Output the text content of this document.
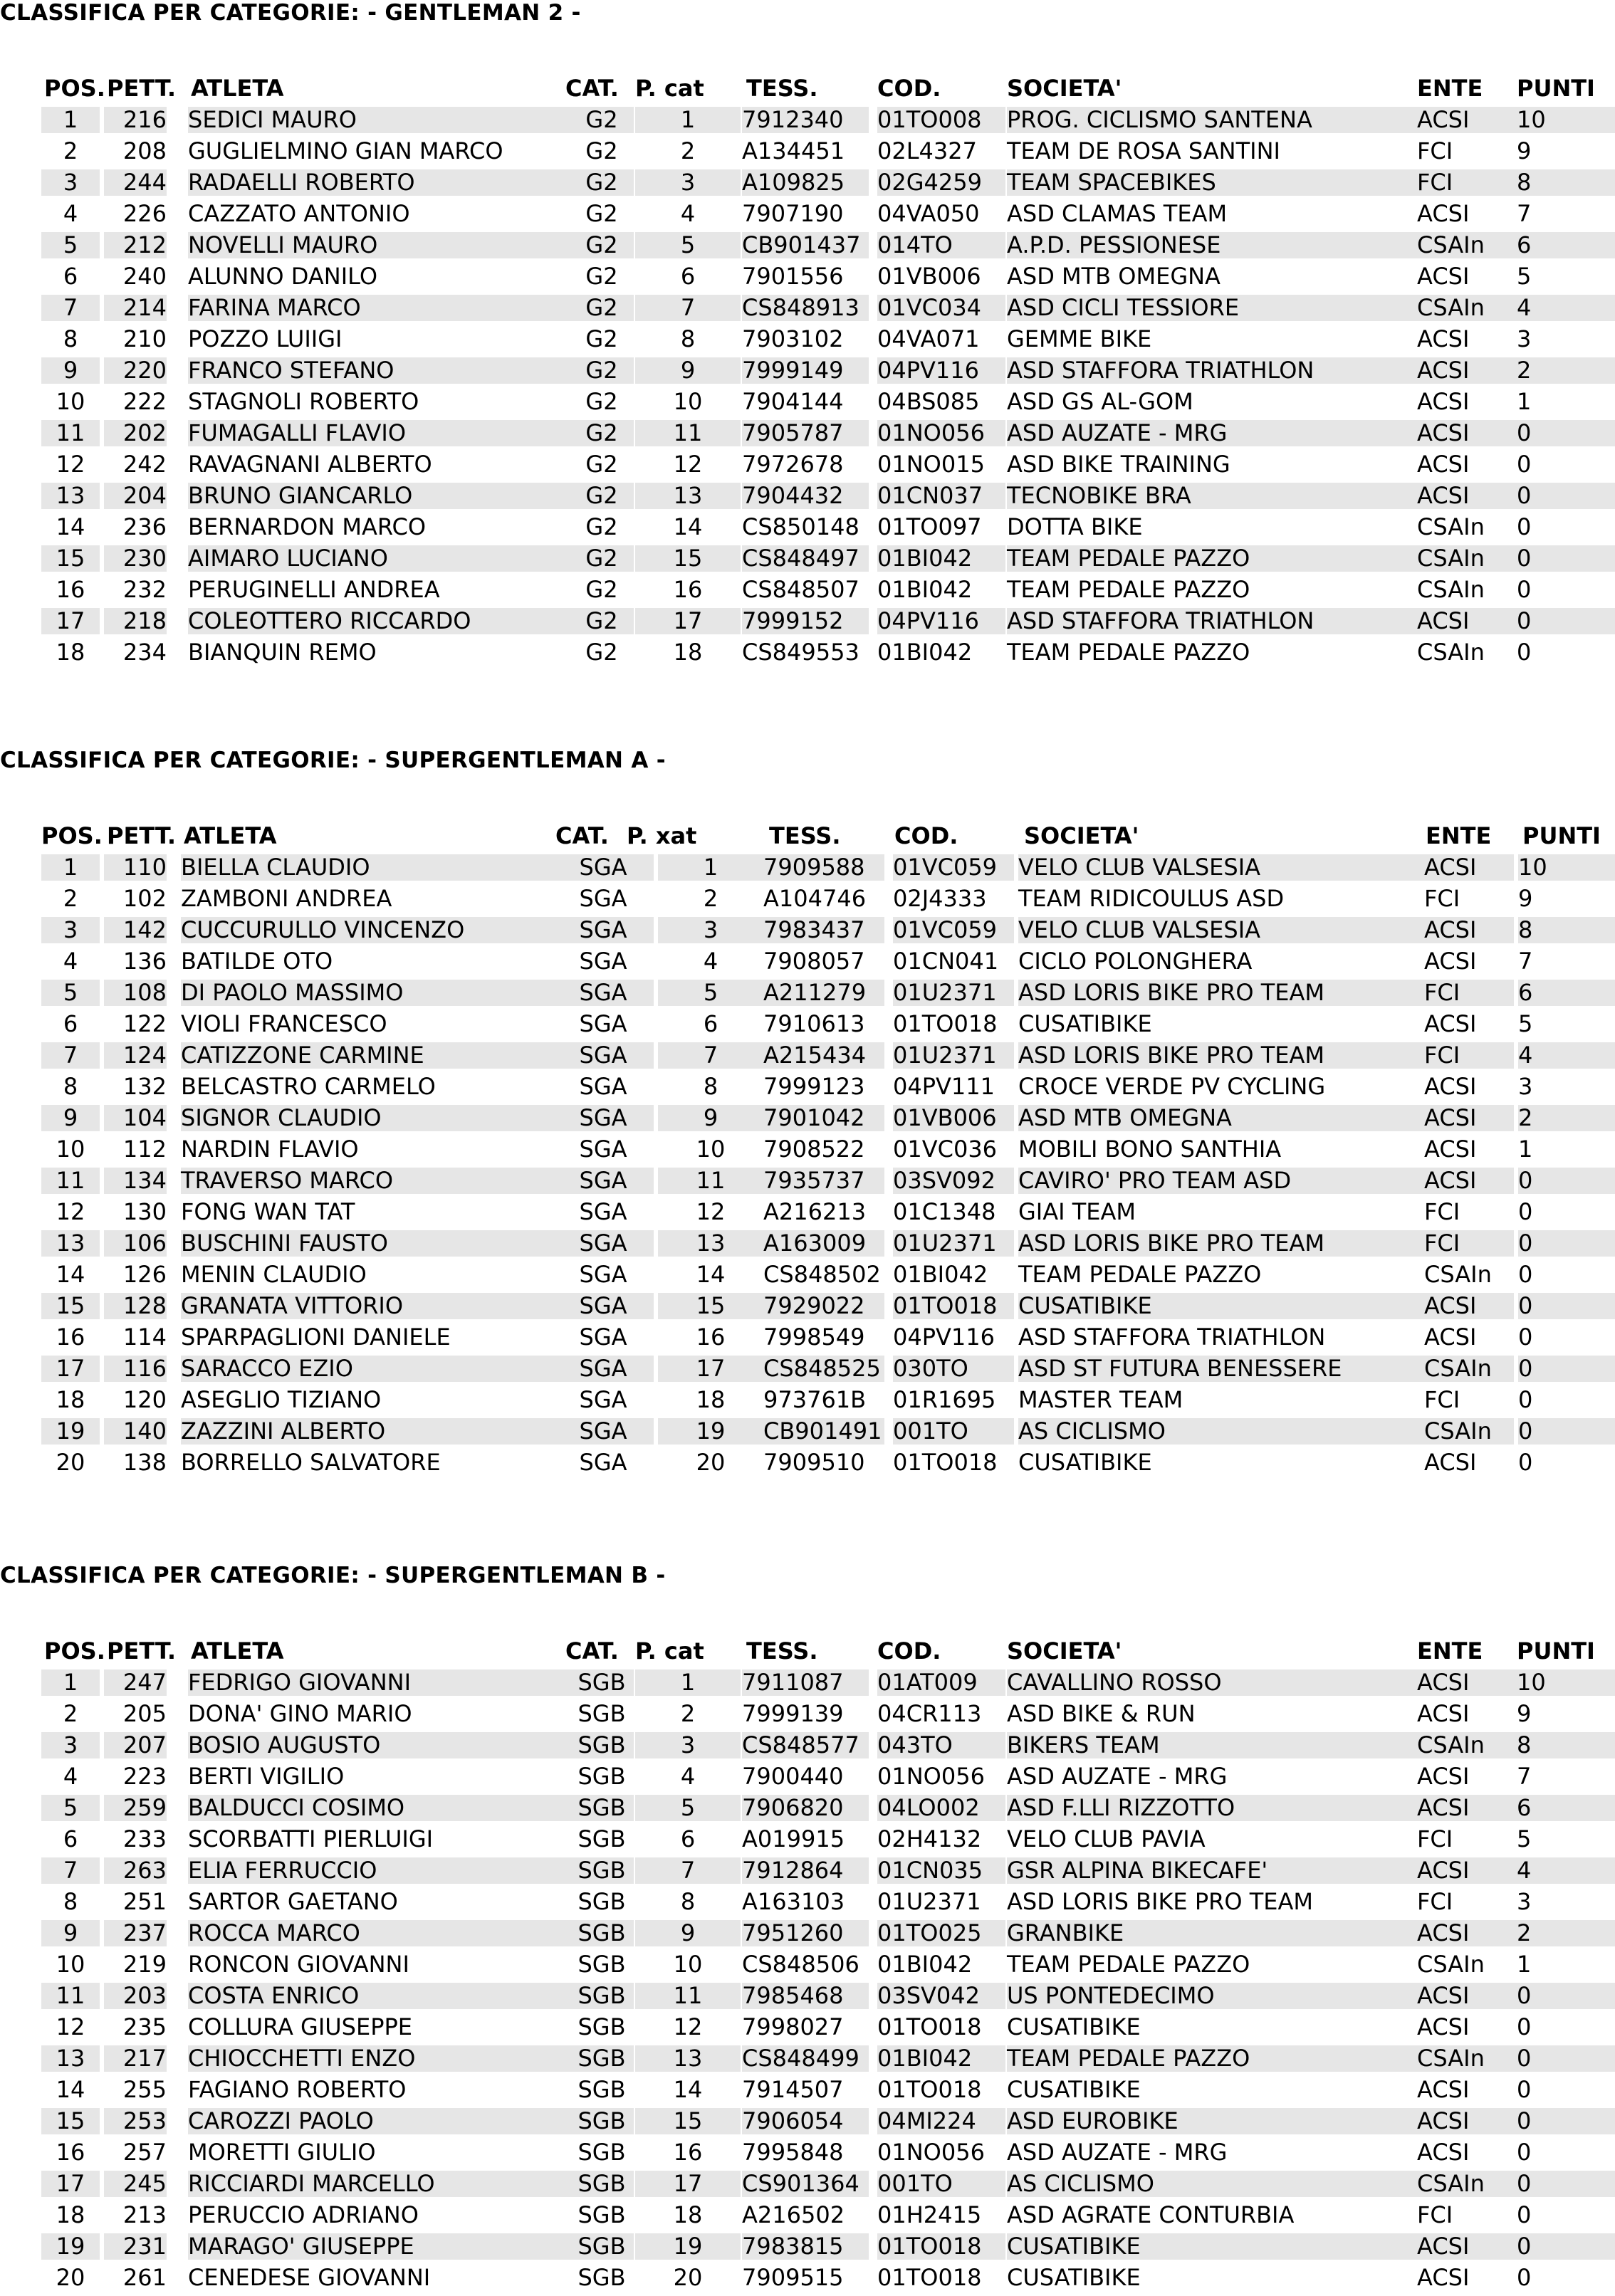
CLASSIFICA PER CATEGORIE: - GENTLEMAN 2 -
POS. PETT. ATLETA	CAT. P. cat TESS.	COD.	SOCIETA'	ENTE PUNTI
1	216 SEDICI MAURO	G2	1	7912340	01TO008	PROG. CICLISMO SANTENA	ACSI	10
2	208 GUGLIELMINO GIAN MARCO	G2	2	A134451	02L4327	TEAM DE ROSA SANTINI	FCI	9
3	244 RADAELLI ROBERTO	G2	3	A109825	02G4259	TEAM SPACEBIKES	FCI	8
4	226 CAZZATO ANTONIO	G2	4	7907190	04VA050	ASD CLAMAS TEAM	ACSI	7
5	212 NOVELLI MAURO	G2	5	CB901437 014TO	A.P.D. PESSIONESE	CSAIn	6
6	240 ALUNNO DANILO	G2	6	7901556	01VB006	ASD MTB OMEGNA	ACSI	5
7	214 FARINA MARCO	G2	7	CS848913 01VC034	ASD CICLI TESSIORE	CSAIn	4
8	210 POZZO LUIIGI	G2	8	7903102	04VA071	GEMME BIKE	ACSI	3
9	220 FRANCO STEFANO	G2	9	7999149	04PV116	ASD STAFFORA TRIATHLON	ACSI	2
10	222 STAGNOLI ROBERTO	G2	10	7904144	04BS085	ASD GS AL-GOM	ACSI	1
11	202 FUMAGALLI FLAVIO	G2	11	7905787	01NO056 ASD AUZATE - MRG	ACSI	0
12	242 RAVAGNANI ALBERTO	G2	12	7972678	01NO015 ASD BIKE TRAINING	ACSI	0
13	204 BRUNO GIANCARLO	G2	13	7904432	01CN037	TECNOBIKE BRA	ACSI	0
14	236 BERNARDON MARCO	G2	14	CS850148 01TO097	DOTTA BIKE	CSAIn	0
15	230 AIMARO LUCIANO	G2	15	CS848497 01BI042	TEAM PEDALE PAZZO	CSAIn	0
16	232 PERUGINELLI ANDREA	G2	16	CS848507 01BI042	TEAM PEDALE PAZZO	CSAIn	0
17	218 COLEOTTERO RICCARDO	G2	17	7999152	04PV116	ASD STAFFORA TRIATHLON	ACSI	0
18	234 BIANQUIN REMO	G2	18	CS849553 01BI042	TEAM PEDALE PAZZO	CSAIn	0
CLASSIFICA PER CATEGORIE: - SUPERGENTLEMAN A -
POS. PETT. ATLETA	CAT. P. xat	TESS. COD.	SOCIETA'	ENTE PUNTI
1	110 BIELLA CLAUDIO	SGA	1	7909588	01VC059 VELO CLUB VALSESIA	ACSI	10
2	102 ZAMBONI ANDREA	SGA	2	A104746	02J4333	TEAM RIDICOULUS ASD	FCI	9
3	142 CUCCURULLO VINCENZO	SGA	3	7983437	01VC059 VELO CLUB VALSESIA	ACSI	8
4	136 BATILDE OTO	SGA	4	7908057	01CN041 CICLO POLONGHERA	ACSI	7
5	108 DI PAOLO MASSIMO	SGA	5	A211279	01U2371 ASD LORIS BIKE PRO TEAM	FCI	6
6	122 VIOLI FRANCESCO	SGA	6	7910613	01TO018 CUSATIBIKE	ACSI	5
7	124 CATIZZONE CARMINE	SGA	7	A215434	01U2371 ASD LORIS BIKE PRO TEAM	FCI	4
8	132 BELCASTRO CARMELO	SGA	8	7999123	04PV111	CROCE VERDE PV CYCLING	ACSI	3
9	104 SIGNOR CLAUDIO	SGA	9	7901042	01VB006 ASD MTB OMEGNA	ACSI	2
10	112 NARDIN FLAVIO	SGA	10	7908522	01VC036 MOBILI BONO SANTHIA	ACSI	1
11	134 TRAVERSO MARCO	SGA	11	7935737	03SV092	CAVIRO' PRO TEAM ASD	ACSI	0
12	130 FONG WAN TAT	SGA	12	A216213	01C1348 GIAI TEAM	FCI	0
13	106 BUSCHINI FAUSTO	SGA	13	A163009	01U2371 ASD LORIS BIKE PRO TEAM	FCI	0
14	126 MENIN CLAUDIO	SGA	14	CS848502 01BI042	TEAM PEDALE PAZZO	CSAIn	0
15	128 GRANATA VITTORIO	SGA	15	7929022	01TO018 CUSATIBIKE	ACSI	0
16	114 SPARPAGLIONI DANIELE	SGA	16	7998549	04PV116	ASD STAFFORA TRIATHLON	ACSI	0
17	116 SARACCO EZIO	SGA	17	CS848525 030TO	ASD ST FUTURA BENESSERE	CSAIn	0
18	120 ASEGLIO TIZIANO	SGA	18	973761B	01R1695 MASTER TEAM	FCI	0
19	140 ZAZZINI ALBERTO	SGA	19	CB901491 001TO	AS CICLISMO	CSAIn	0
20	138 BORRELLO SALVATORE	SGA	20	7909510	01TO018 CUSATIBIKE	ACSI	0
CLASSIFICA PER CATEGORIE: - SUPERGENTLEMAN B -
POS. PETT. ATLETA	CAT. P. cat TESS.	COD.	SOCIETA'	ENTE PUNTI
1	247 FEDRIGO GIOVANNI	SGB	1	7911087	01AT009	CAVALLINO ROSSO	ACSI	10
2	205 DONA' GINO MARIO	SGB	2	7999139	04CR113	ASD BIKE & RUN	ACSI	9
3	207 BOSIO AUGUSTO	SGB	3	CS848577 043TO	BIKERS TEAM	CSAIn	8
4	223 BERTI VIGILIO	SGB	4	7900440	01NO056 ASD AUZATE - MRG	ACSI	7
5	259 BALDUCCI COSIMO	SGB	5	7906820	04LO002	ASD F.LLI RIZZOTTO	ACSI	6
6	233 SCORBATTI PIERLUIGI	SGB	6	A019915	02H4132	VELO CLUB PAVIA	FCI	5
7	263 ELIA FERRUCCIO	SGB	7	7912864	01CN035	GSR ALPINA BIKECAFE'	ACSI	4
8	251 SARTOR GAETANO	SGB	8	A163103	01U2371	ASD LORIS BIKE PRO TEAM	FCI	3
9	237 ROCCA MARCO	SGB	9	7951260	01TO025	GRANBIKE	ACSI	2
10	219 RONCON GIOVANNI	SGB	10	CS848506 01BI042	TEAM PEDALE PAZZO	CSAIn	1
11	203 COSTA ENRICO	SGB	11	7985468	03SV042	US PONTEDECIMO	ACSI	0
12	235 COLLURA GIUSEPPE	SGB	12	7998027	01TO018	CUSATIBIKE	ACSI	0
13	217 CHIOCCHETTI ENZO	SGB	13	CS848499 01BI042	TEAM PEDALE PAZZO	CSAIn	0
14	255 FAGIANO ROBERTO	SGB	14	7914507	01TO018	CUSATIBIKE	ACSI	0
15	253 CAROZZI PAOLO	SGB	15	7906054	04MI224	ASD EUROBIKE	ACSI	0
16	257 MORETTI GIULIO	SGB	16	7995848	01NO056 ASD AUZATE - MRG	ACSI	0
17	245 RICCIARDI MARCELLO	SGB	17	CS901364 001TO	AS CICLISMO	CSAIn	0
18	213 PERUCCIO ADRIANO	SGB	18	A216502	01H2415	ASD AGRATE CONTURBIA	FCI	0
19	231 MARAGO' GIUSEPPE	SGB	19	7983815	01TO018	CUSATIBIKE	ACSI	0
20	261 CENEDESE GIOVANNI	SGB	20	7909515	01TO018	CUSATIBIKE	ACSI	0
